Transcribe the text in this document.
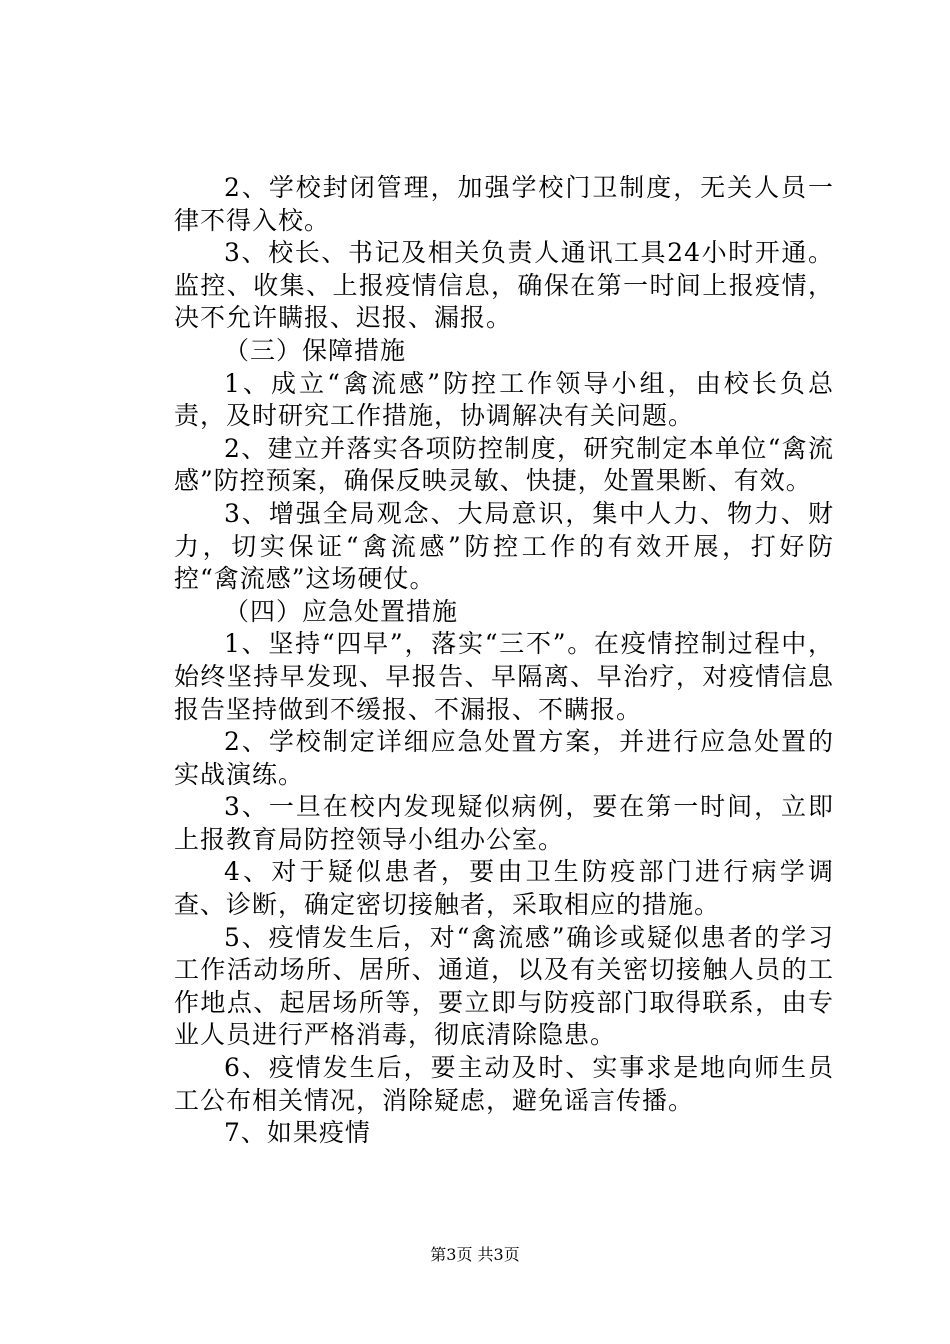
2、学校封闭管理，加强学校门卫制度，无关人员一律不得入校。

3、校长、书记及相关负责人通讯工具24小时开通。监控、收集、上报疫情信息，确保在第一时间上报疫情，决不允许瞒报、迟报、漏报。

（三）保障措施

1、成立“禽流感”防控工作领导小组，由校长负总责，及时研究工作措施，协调解决有关问题。

2、建立并落实各项防控制度，研究制定本单位“禽流感”防控预案，确保反映灵敏、快捷，处置果断、有效。

3、增强全局观念、大局意识，集中人力、物力、财力，切实保证“禽流感”防控工作的有效开展，打好防控“禽流感”这场硬仗。

（四）应急处置措施

1、坚持“四早”，落实“三不”。在疫情控制过程中，始终坚持早发现、早报告、早隔离、早治疗，对疫情信息报告坚持做到不缓报、不漏报、不瞒报。

2、学校制定详细应急处置方案，并进行应急处置的实战演练。

3、一旦在校内发现疑似病例，要在第一时间，立即上报教育局防控领导小组办公室。

4、对于疑似患者，要由卫生防疫部门进行病学调查、诊断，确定密切接触者，采取相应的措施。

5、疫情发生后，对“禽流感”确诊或疑似患者的学习工作活动场所、居所、通道，以及有关密切接触人员的工作地点、起居场所等，要立即与防疫部门取得联系，由专业人员进行严格消毒，彻底清除隐患。

6、疫情发生后，要主动及时、实事求是地向师生员工公布相关情况，消除疑虑，避免谣言传播。

7、如果疫情

第3页 共3页
